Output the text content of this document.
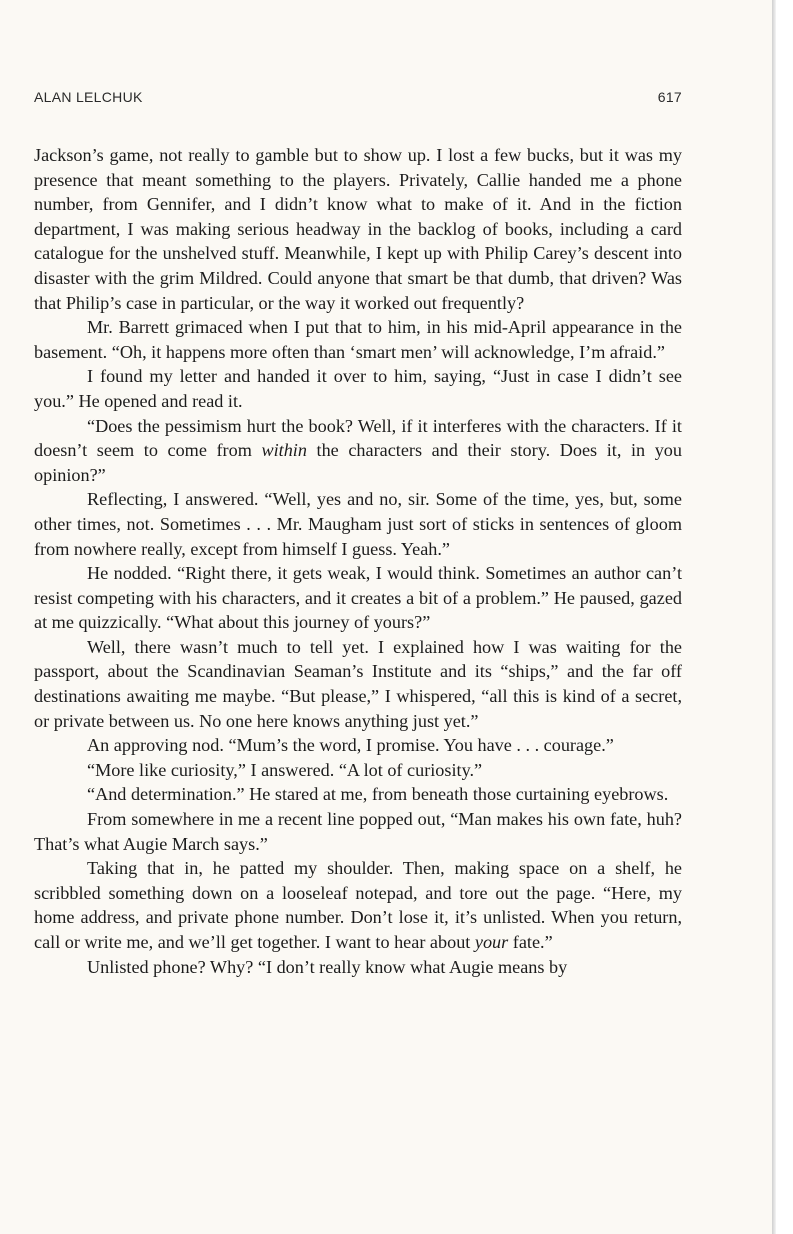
ALAN LELCHUK	617

Jackson’s game, not really to gamble but to show up. I lost a few bucks, but it was my presence that meant something to the players. Privately, Callie handed me a phone number, from Gennifer, and I didn’t know what to make of it. And in the fiction department, I was making serious headway in the backlog of books, including a card catalogue for the unshelved stuff. Meanwhile, I kept up with Philip Carey’s descent into disaster with the grim Mildred. Could anyone that smart be that dumb, that driven? Was that Philip’s case in particular, or the way it worked out frequently?

Mr. Barrett grimaced when I put that to him, in his mid-April appearance in the basement. “Oh, it happens more often than ‘smart men’ will acknowledge, I’m afraid.”

I found my letter and handed it over to him, saying, “Just in case I didn’t see you.” He opened and read it.

“Does the pessimism hurt the book? Well, if it interferes with the characters. If it doesn’t seem to come from within the characters and their story. Does it, in you opinion?”

Reflecting, I answered. “Well, yes and no, sir. Some of the time, yes, but, some other times, not. Sometimes . . . Mr. Maugham just sort of sticks in sentences of gloom from nowhere really, except from himself I guess. Yeah.”

He nodded. “Right there, it gets weak, I would think. Sometimes an author can’t resist competing with his characters, and it creates a bit of a problem.” He paused, gazed at me quizzically. “What about this journey of yours?”

Well, there wasn’t much to tell yet. I explained how I was waiting for the passport, about the Scandinavian Seaman’s Institute and its “ships,” and the far off destinations awaiting me maybe. “But please,” I whispered, “all this is kind of a secret, or private between us. No one here knows anything just yet.”

An approving nod. “Mum’s the word, I promise. You have . . . courage.”

“More like curiosity,” I answered. “A lot of curiosity.”

“And determination.” He stared at me, from beneath those curtaining eyebrows.

From somewhere in me a recent line popped out, “Man makes his own fate, huh? That’s what Augie March says.”

Taking that in, he patted my shoulder. Then, making space on a shelf, he scribbled something down on a looseleaf notepad, and tore out the page. “Here, my home address, and private phone number. Don’t lose it, it’s unlisted. When you return, call or write me, and we’ll get together. I want to hear about your fate.”

Unlisted phone? Why? “I don’t really know what Augie means by
